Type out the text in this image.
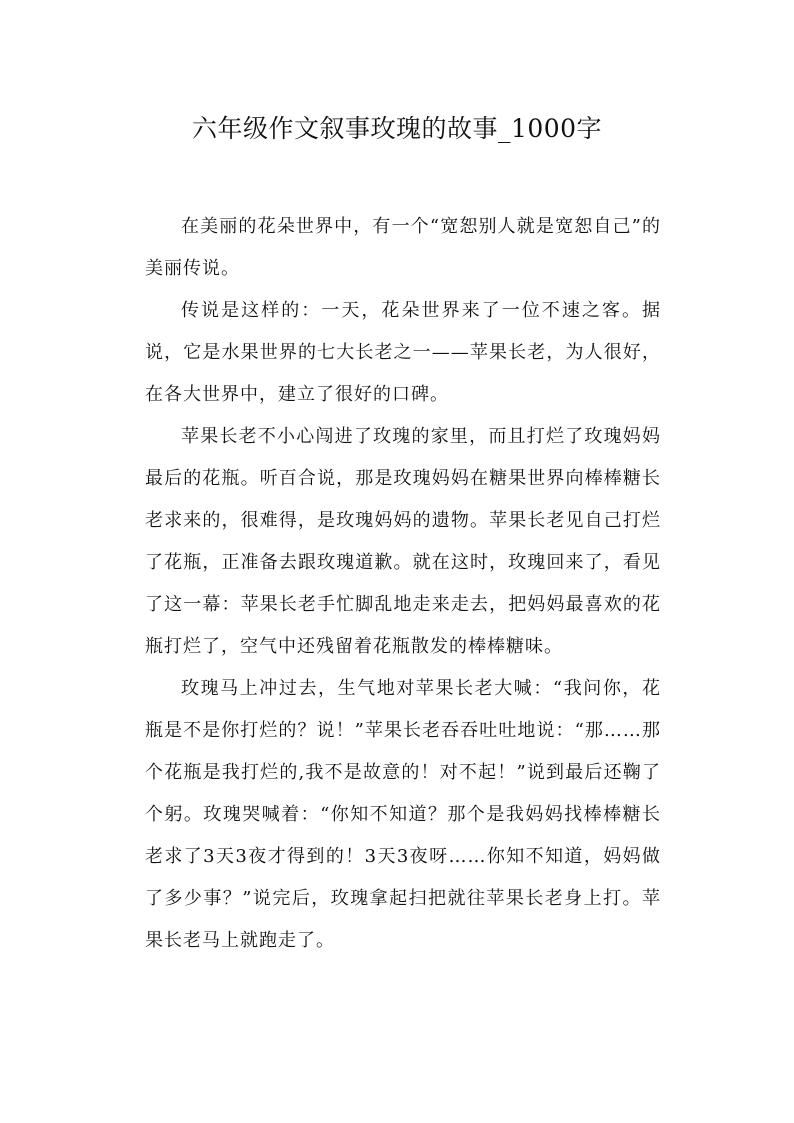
六年级作文叙事玫瑰的故事_1000字

在美丽的花朵世界中，有一个“宽恕别人就是宽恕自己”的美丽传说。

传说是这样的：一天，花朵世界来了一位不速之客。据说，它是水果世界的七大长老之一——苹果长老，为人很好，在各大世界中，建立了很好的口碑。

苹果长老不小心闯进了玫瑰的家里，而且打烂了玫瑰妈妈最后的花瓶。听百合说，那是玫瑰妈妈在糖果世界向棒棒糖长老求来的，很难得，是玫瑰妈妈的遗物。苹果长老见自己打烂了花瓶，正准备去跟玫瑰道歉。就在这时，玫瑰回来了，看见了这一幕：苹果长老手忙脚乱地走来走去，把妈妈最喜欢的花瓶打烂了，空气中还残留着花瓶散发的棒棒糖味。

玫瑰马上冲过去，生气地对苹果长老大喊：“我问你，花瓶是不是你打烂的？说！”苹果长老吞吞吐吐地说：“那……那个花瓶是我打烂的,我不是故意的！对不起！”说到最后还鞠了个躬。玫瑰哭喊着：“你知不知道？那个是我妈妈找棒棒糖长老求了3天3夜才得到的！3天3夜呀……你知不知道，妈妈做了多少事？”说完后，玫瑰拿起扫把就往苹果长老身上打。苹果长老马上就跑走了。
